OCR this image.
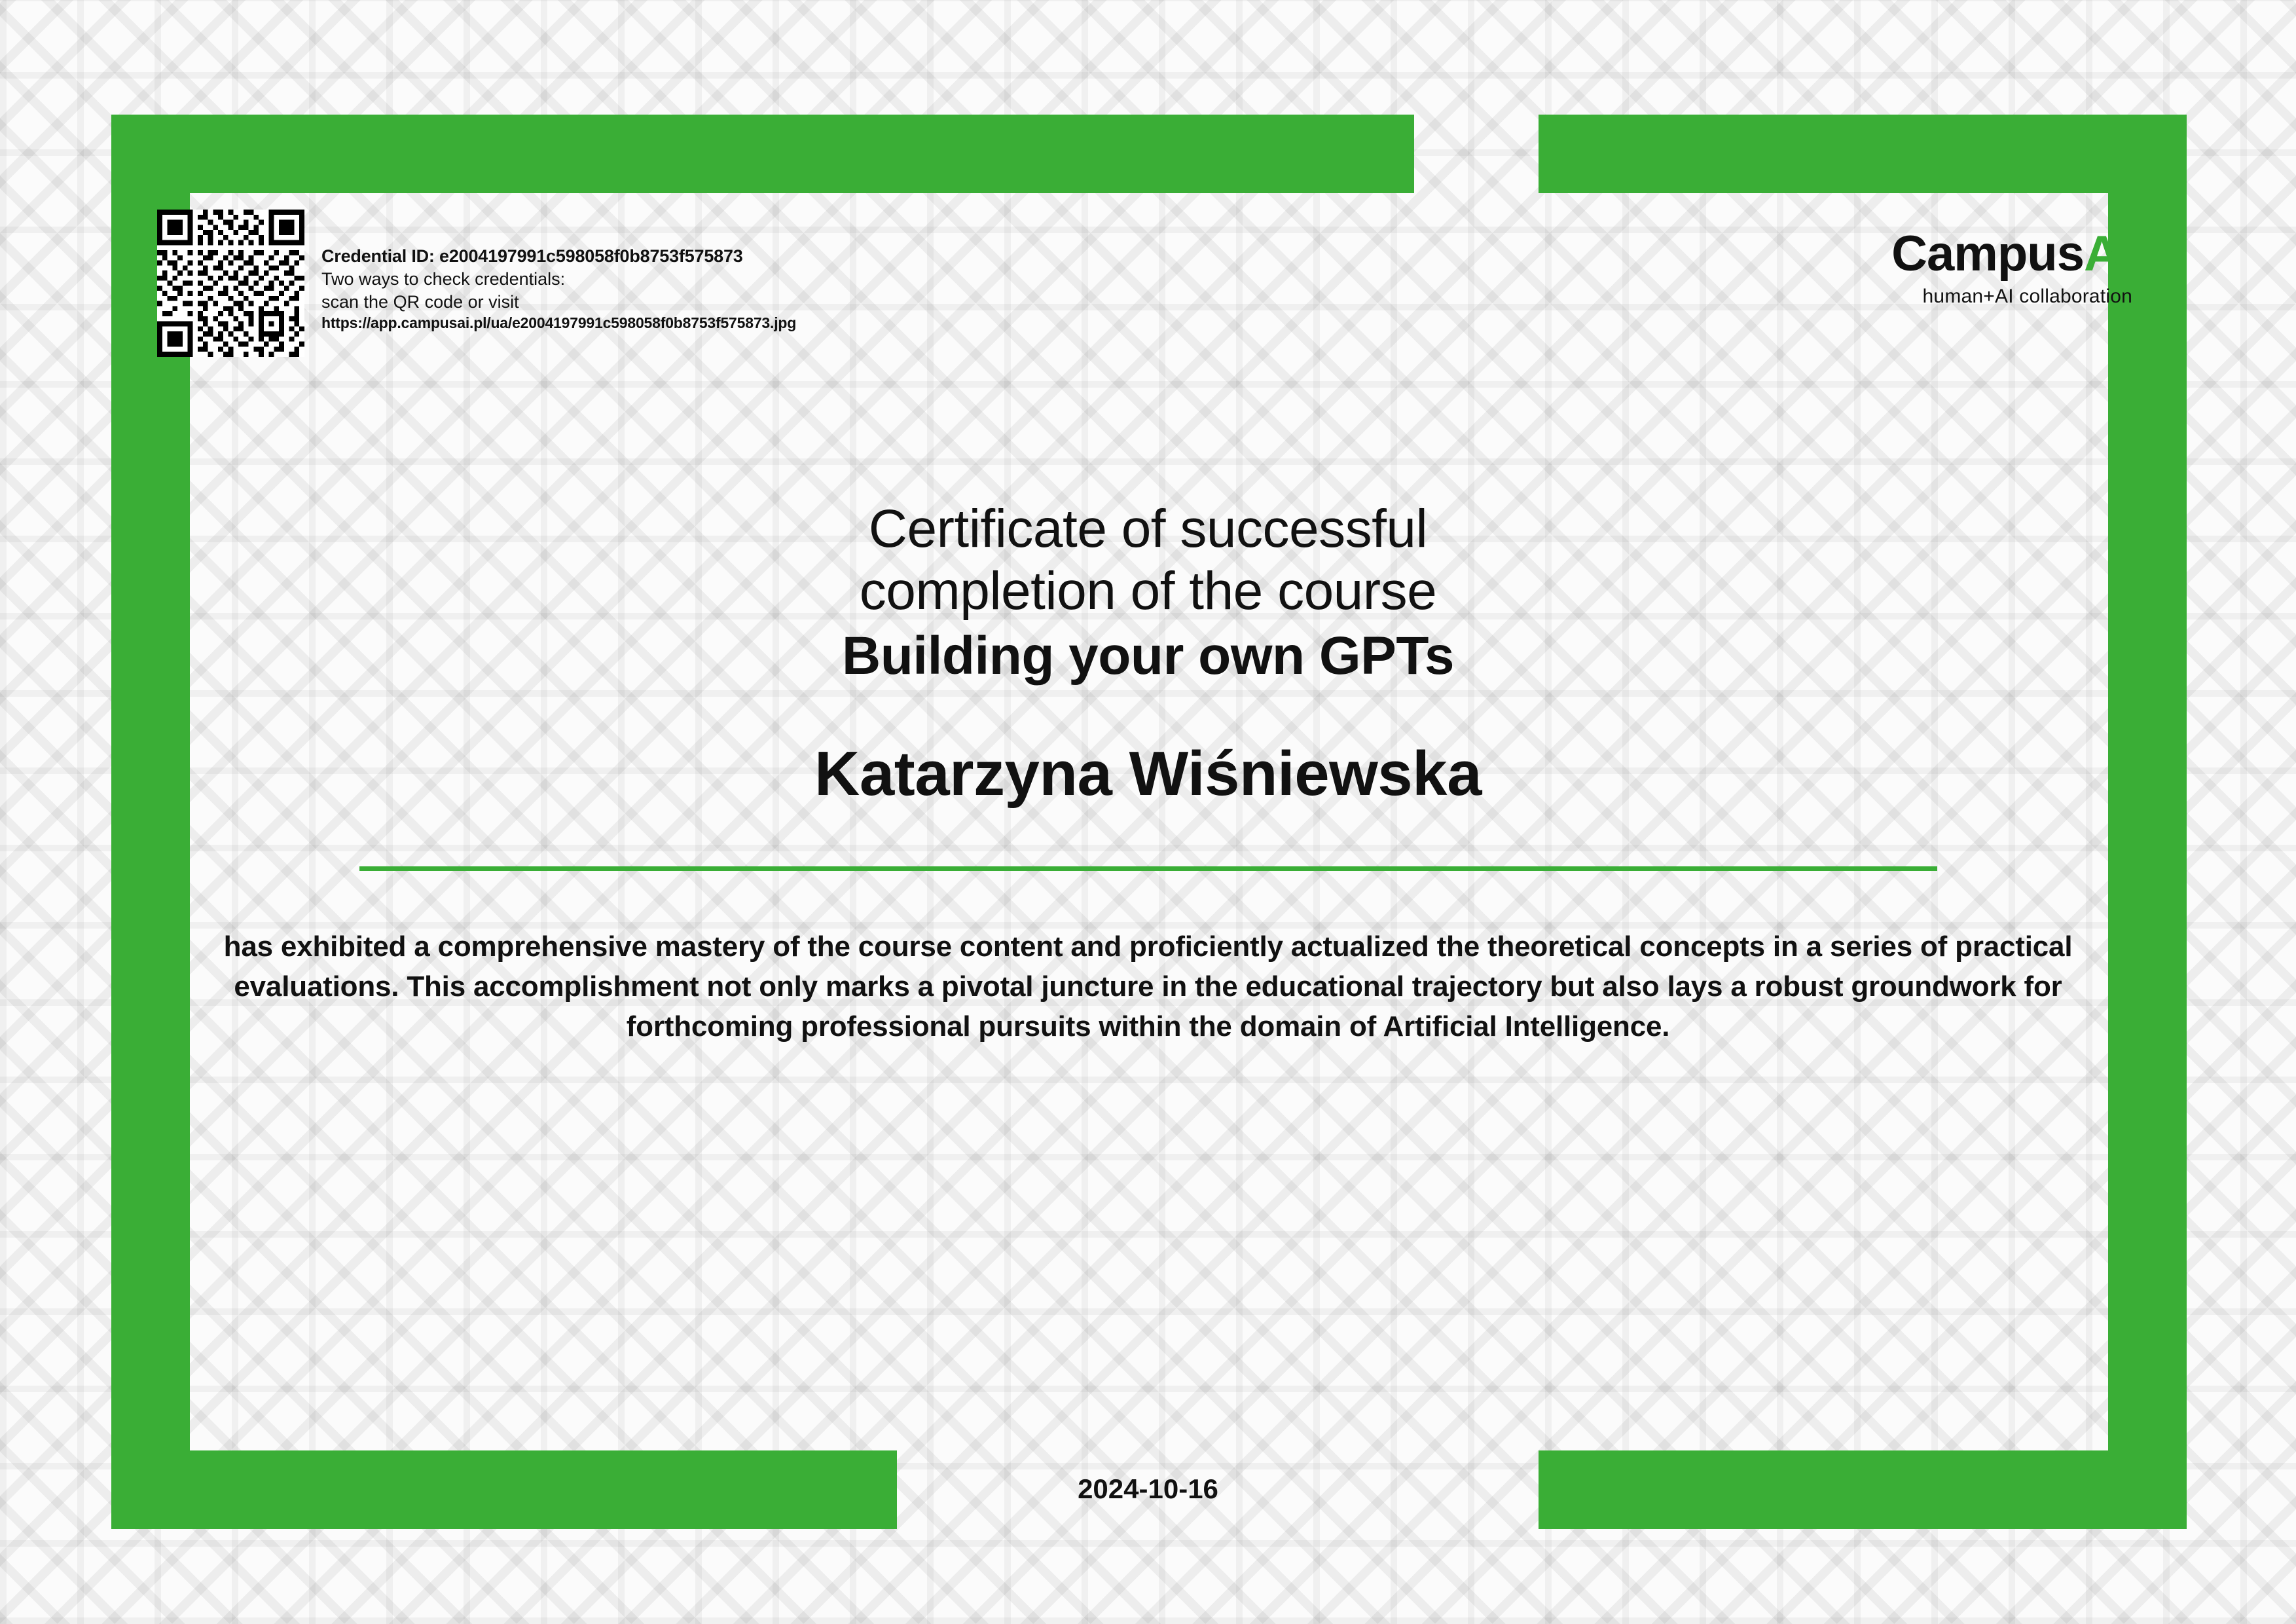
Credential ID: e2004197991c598058f0b8753f575873
Two ways to check credentials:
scan the QR code or visit
https://app.campusai.pl/ua/e2004197991c598058f0b8753f575873.jpg
CampusAI
human+AI collaboration
Certificate of successful
completion of the course
Building your own GPTs
Katarzyna Wiśniewska
has exhibited a comprehensive mastery of the course content and proficiently actualized the theoretical concepts in a series of practical evaluations. This accomplishment not only marks a pivotal juncture in the educational trajectory but also lays a robust groundwork for forthcoming professional pursuits within the domain of Artificial Intelligence.
2024-10-16
